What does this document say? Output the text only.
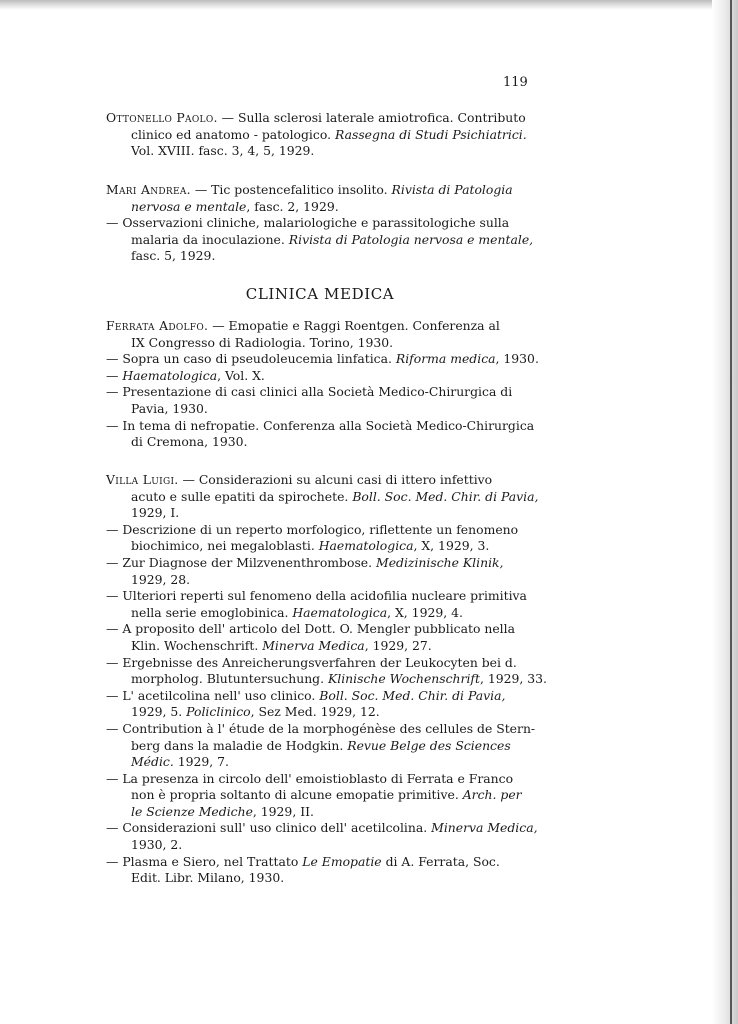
119
Ottonello Paolo. — Sulla sclerosi laterale amiotrofica. Contributo
clinico ed anatomo - patologico. Rassegna di Studi Psichiatrici.
Vol. XVIII. fasc. 3, 4, 5, 1929.
Mari Andrea. — Tic postencefalitico insolito. Rivista di Patologia
nervosa e mentale, fasc. 2, 1929.
— Osservazioni cliniche, malariologiche e parassitologiche sulla
malaria da inoculazione. Rivista di Patologia nervosa e mentale,
fasc. 5, 1929.
CLINICA MEDICA
Ferrata Adolfo. — Emopatie e Raggi Roentgen. Conferenza al
IX Congresso di Radiologia. Torino, 1930.
— Sopra un caso di pseudoleucemia linfatica. Riforma medica, 1930.
— Haematologica, Vol. X.
— Presentazione di casi clinici alla Società Medico-Chirurgica di
Pavia, 1930.
— In tema di nefropatie. Conferenza alla Società Medico-Chirurgica
di Cremona, 1930.
Villa Luigi. — Considerazioni su alcuni casi di ittero infettivo
acuto e sulle epatiti da spirochete. Boll. Soc. Med. Chir. di Pavia,
1929, I.
— Descrizione di un reperto morfologico, riflettente un fenomeno
biochimico, nei megaloblasti. Haematologica, X, 1929, 3.
— Zur Diagnose der Milzvenenthrombose. Medizinische Klinik,
1929, 28.
— Ulteriori reperti sul fenomeno della acidofilia nucleare primitiva
nella serie emoglobinica. Haematologica, X, 1929, 4.
— A proposito dell' articolo del Dott. O. Mengler pubblicato nella
Klin. Wochenschrift. Minerva Medica, 1929, 27.
— Ergebnisse des Anreicherungsverfahren der Leukocyten bei d.
morpholog. Blutuntersuchung. Klinische Wochenschrift, 1929, 33.
— L' acetilcolina nell' uso clinico. Boll. Soc. Med. Chir. di Pavia,
1929, 5. Policlinico, Sez Med. 1929, 12.
— Contribution à l' étude de la morphogénèse des cellules de Stern-
berg dans la maladie de Hodgkin. Revue Belge des Sciences
Médic. 1929, 7.
— La presenza in circolo dell' emoistioblasto di Ferrata e Franco
non è propria soltanto di alcune emopatie primitive. Arch. per
le Scienze Mediche, 1929, II.
— Considerazioni sull' uso clinico dell' acetilcolina. Minerva Medica,
1930, 2.
— Plasma e Siero, nel Trattato Le Emopatie di A. Ferrata, Soc.
Edit. Libr. Milano, 1930.
